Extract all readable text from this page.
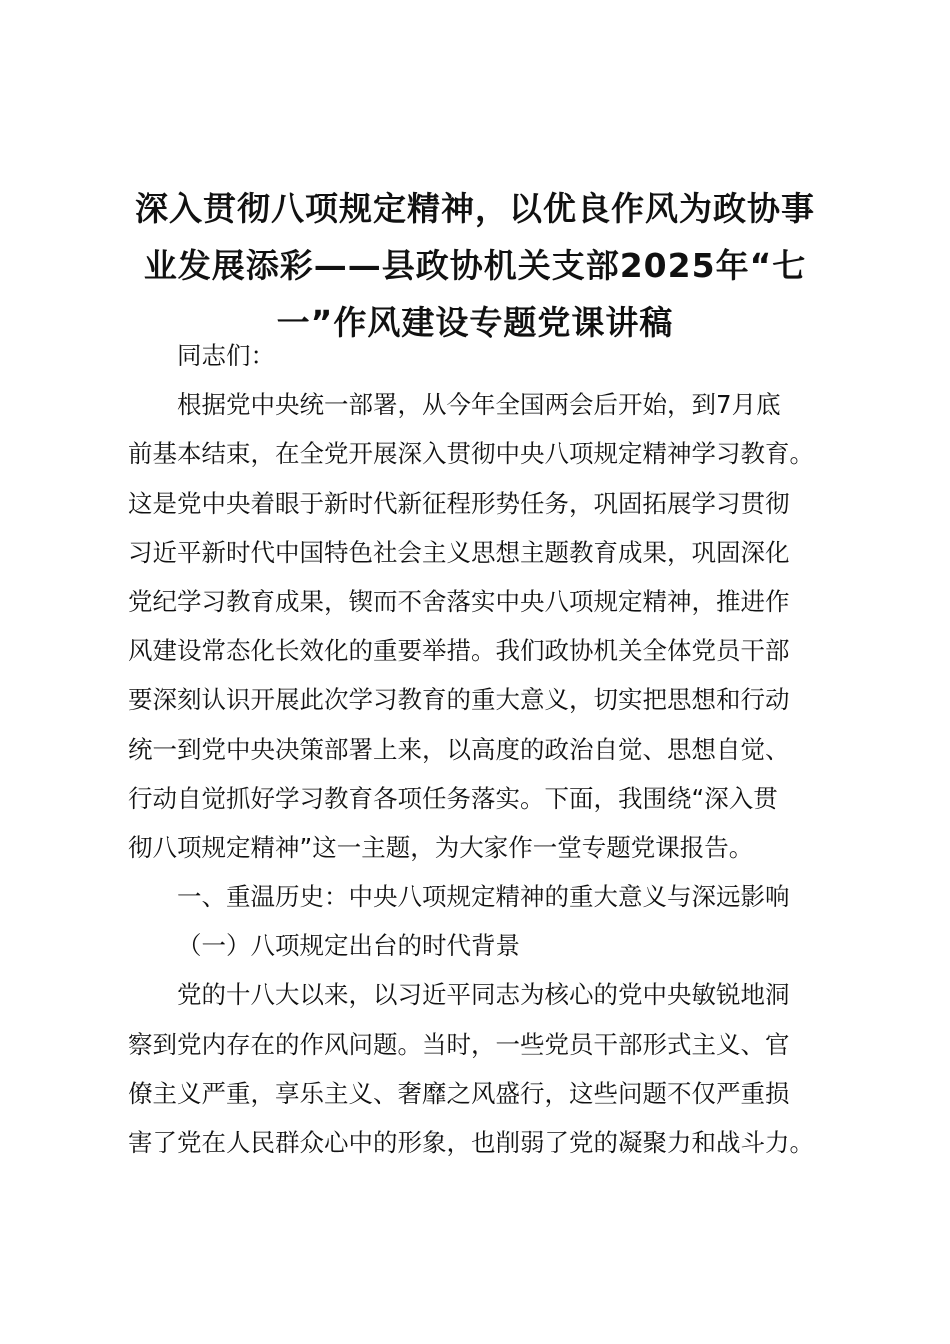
深入贯彻八项规定精神，以优良作风为政协事
业发展添彩——县政协机关支部2025年“七
一”作风建设专题党课讲稿
同志们：
根据党中央统一部署，从今年全国两会后开始，到7月底
前基本结束，在全党开展深入贯彻中央八项规定精神学习教育。
这是党中央着眼于新时代新征程形势任务，巩固拓展学习贯彻
习近平新时代中国特色社会主义思想主题教育成果，巩固深化
党纪学习教育成果，锲而不舍落实中央八项规定精神，推进作
风建设常态化长效化的重要举措。我们政协机关全体党员干部
要深刻认识开展此次学习教育的重大意义，切实把思想和行动
统一到党中央决策部署上来，以高度的政治自觉、思想自觉、
行动自觉抓好学习教育各项任务落实。下面，我围绕“深入贯
彻八项规定精神”这一主题，为大家作一堂专题党课报告。
一、重温历史：中央八项规定精神的重大意义与深远影响
（一）八项规定出台的时代背景
党的十八大以来，以习近平同志为核心的党中央敏锐地洞
察到党内存在的作风问题。当时，一些党员干部形式主义、官
僚主义严重，享乐主义、奢靡之风盛行，这些问题不仅严重损
害了党在人民群众心中的形象，也削弱了党的凝聚力和战斗力。
